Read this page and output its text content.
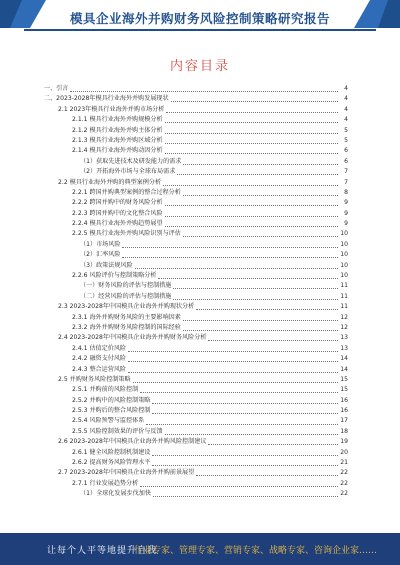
模具企业海外并购财务风险控制策略研究报告
内容目录
一、引言	4
二、2023-2028年模具行业海外并购发展现状	4
2.1 2023年模具行业海外并购市场分析	4
2.1.1 模具行业海外并购规模分析	4
2.1.2 模具行业海外并购主体分析	5
2.1.3 模具行业海外并购区域分析	5
2.1.4 模具行业海外并购动因分析	6
（1）获取先进技术及研发能力的需求	6
（2）开拓海外市场与全球布局需求	7
2.2 模具行业海外并购的典型案例分析	7
2.2.1 跨国并购典型案例的整合过程分析	8
2.2.2 跨国并购中的财务风险分析	9
2.2.3 跨国并购中的文化整合风险	9
2.2.4 模具行业海外并购趋势展望	9
2.2.5 模具行业海外并购风险识别与评估	10
（1）市场风险	10
（2）汇率风险	10
（3）政策法规风险	10
2.2.6 风险评价与控制策略分析	10
（一）财务风险的评估与控制措施	11
（二）经营风险的评估与控制措施	11
2.3 2023-2028年中国模具企业海外并购现状分析	11
2.3.1 海外并购财务风险的主要影响因素	12
2.3.2 海外并购财务风险控制的国际经验	12
2.4 2023-2028年中国模具企业海外并购财务风险分析	13
2.4.1 估值定价风险	13
2.4.2 融资支付风险	14
2.4.3 整合运营风险	14
2.5 并购财务风险控制策略	15
2.5.1 并购前的风险控制	15
2.5.2 并购中的风险控制策略	16
2.5.3 并购后的整合风险控制	16
2.5.4 风险预警与监控体系	17
2.5.5 风险控制效果的评价与反馈	18
2.6 2023-2028年中国模具企业海外并购风险控制建议	19
2.6.1 健全风险控制机制建设	20
2.6.2 提高财务风险管理水平	21
2.7 2023-2028年中国模具企业海外并购前景展望	22
2.7.1 行业发展趋势分析	22
（1）全球化发展步伐加快	22
让每个人平等地提升自我
行业专家、管理专家、营销专家、战略专家、咨询企业家……
